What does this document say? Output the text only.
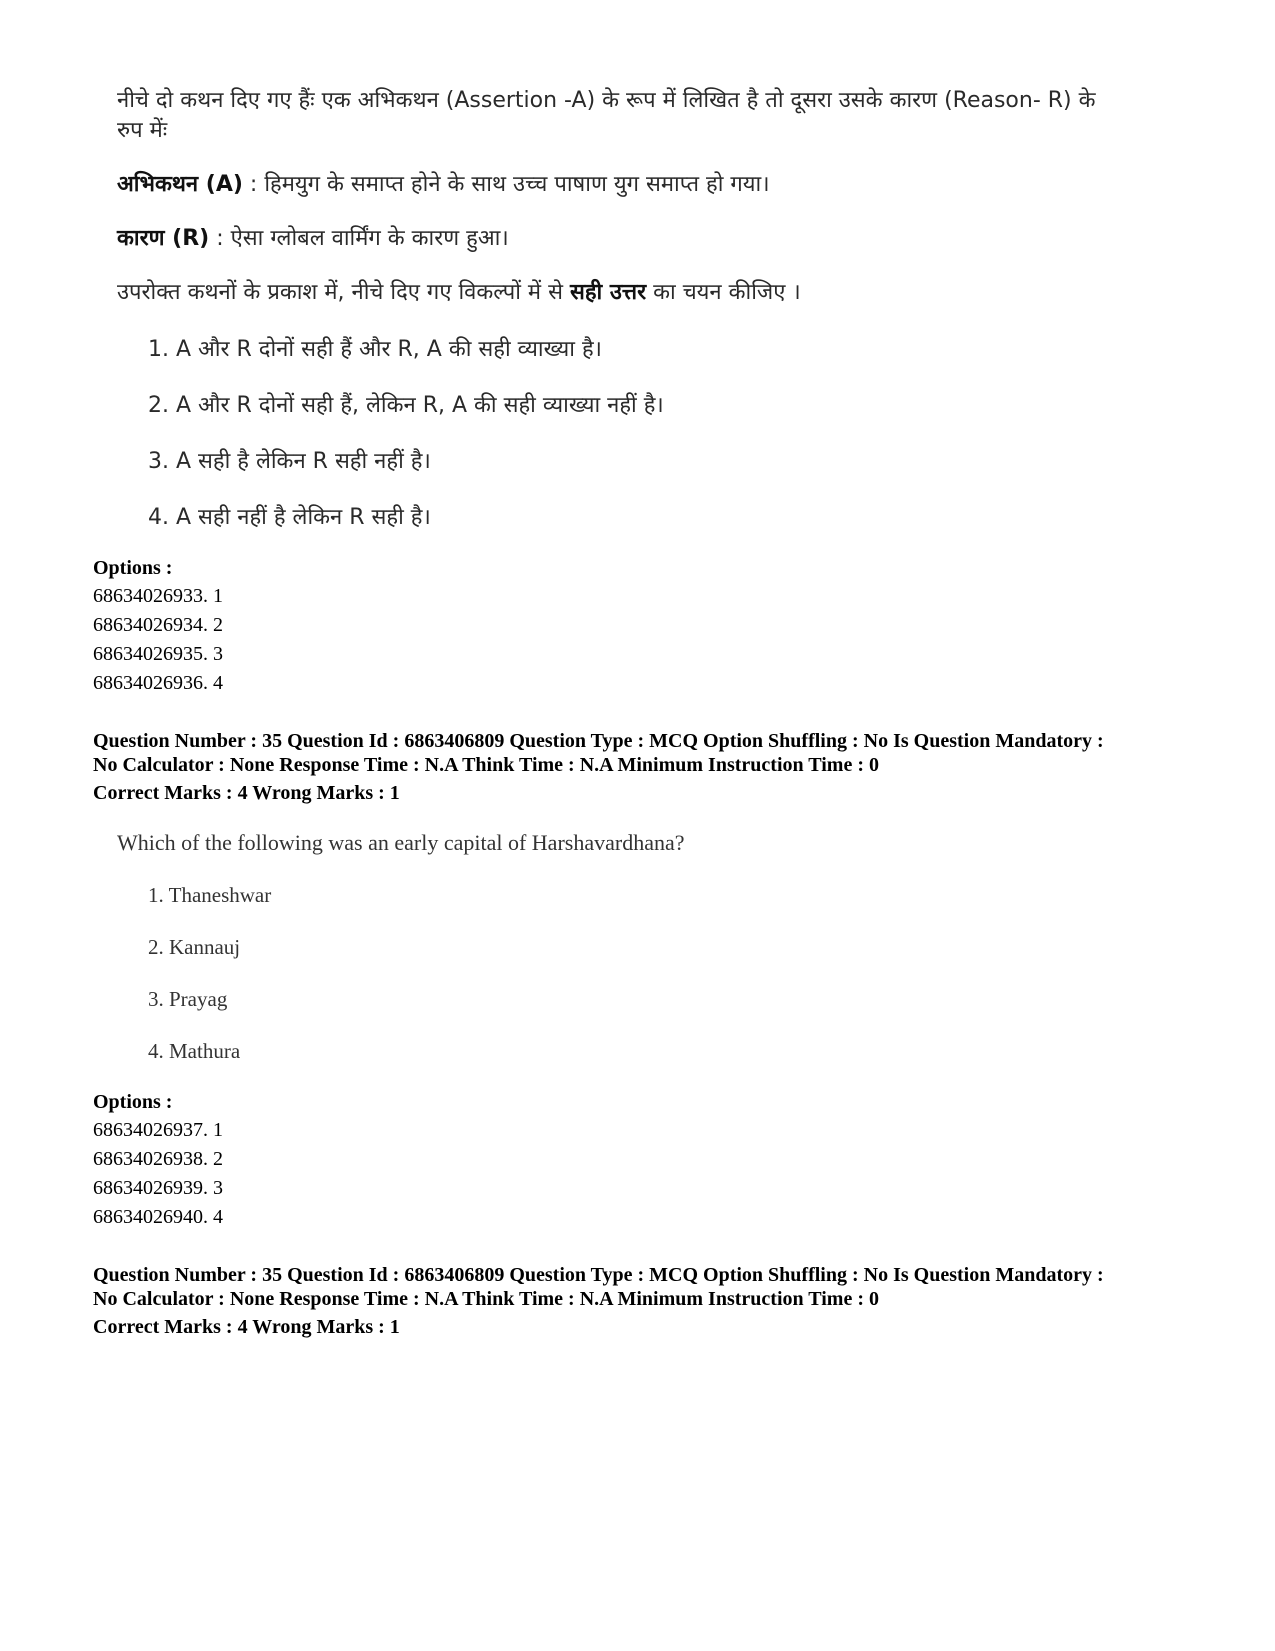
नीचे दो कथन दिए गए हैंः एक अभिकथन (Assertion -A) के रूप में लिखित है तो दूसरा उसके कारण (Reason- R) के

रुप मेंः

अभिकथन (A) : हिमयुग के समाप्त होने के साथ उच्च पाषाण युग समाप्त हो गया।

कारण (R) : ऐसा ग्लोबल वार्मिंग के कारण हुआ।

उपरोक्त कथनों के प्रकाश में, नीचे दिए गए विकल्पों में से सही उत्तर का चयन कीजिए ।

1. A और R दोनों सही हैं और R, A की सही व्याख्या है।
2. A और R दोनों सही हैं, लेकिन R, A की सही व्याख्या नहीं है।
3. A सही है लेकिन R सही नहीं है।
4. A सही नहीं है लेकिन R सही है।
Options :
68634026933. 1
68634026934. 2
68634026935. 3
68634026936. 4
Question Number : 35 Question Id : 6863406809 Question Type : MCQ Option Shuffling : No Is Question Mandatory :
No Calculator : None Response Time : N.A Think Time : N.A Minimum Instruction Time : 0
Correct Marks : 4 Wrong Marks : 1
Which of the following was an early capital of Harshavardhana?
1. Thaneshwar
2. Kannauj
3. Prayag
4. Mathura
Options :
68634026937. 1
68634026938. 2
68634026939. 3
68634026940. 4
Question Number : 35 Question Id : 6863406809 Question Type : MCQ Option Shuffling : No Is Question Mandatory :
No Calculator : None Response Time : N.A Think Time : N.A Minimum Instruction Time : 0
Correct Marks : 4 Wrong Marks : 1
